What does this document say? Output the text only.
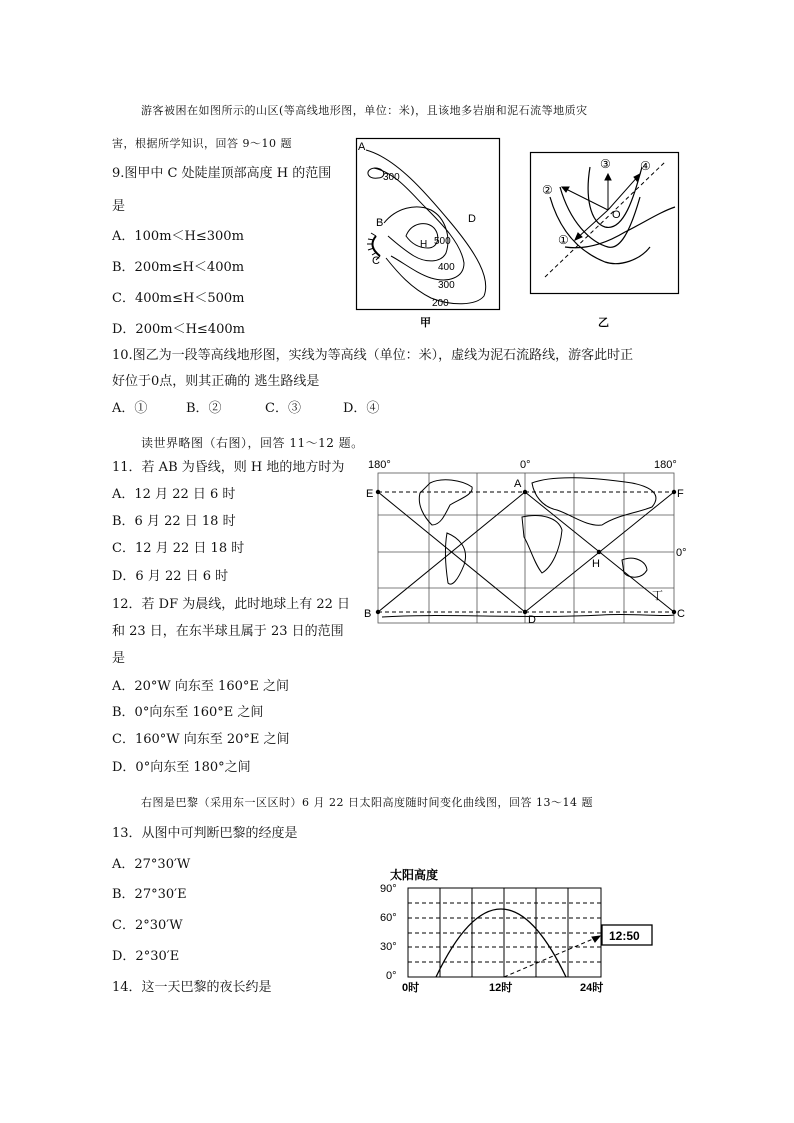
游客被困在如图所示的山区(等高线地形图，单位：米)，且该地多岩崩和泥石流等地质灾
害，根据所学知识，回答 9～10 题
9.图甲中 C 处陡崖顶部高度 H 的范围
是
A．100m＜H≤300m
B．200m≤H＜400m
C．400m≤H＜500m
D．200m＜H≤400m
A
B
C
D
H
300
500
400
300
200
甲
①
②
③ ④
O
乙
10.图乙为一段等高线地形图，实线为等高线（单位：米），虚线为泥石流路线，游客此时正
好位于0点，则其正确的 逃生路线是
A．①	B．②	C．③	D．④
读世界略图（右图），回答 11～12 题。
11．若 AB 为昏线，则 H 地的地方时为
A．12 月 22 日 6 时
B．6 月 22 日 18 时
C．12 月 22 日 18 时
D．6 月 22 日 6 时
12．若 DF 为晨线，此时地球上有 22 日
和 23 日，在东半球且属于 23 日的范围
是
A．20°W 向东至 160°E 之间
B．0°向东至 160°E 之间
C．160°W 向东至 20°E 之间
D．0°向东至 180°之间
180°	0°	180°
0°
E
A
F
B	D	C
H
丁
右图是巴黎（采用东一区区时）6 月 22 日太阳高度随时间变化曲线图，回答 13～14 题
13．从图中可判断巴黎的经度是
A．27°30′W
B．27°30′E
C．2°30′W
D．2°30′E
14．这一天巴黎的夜长约是
太阳高度
90°
60°
30°
0°
0时	12时	24时
12:50
